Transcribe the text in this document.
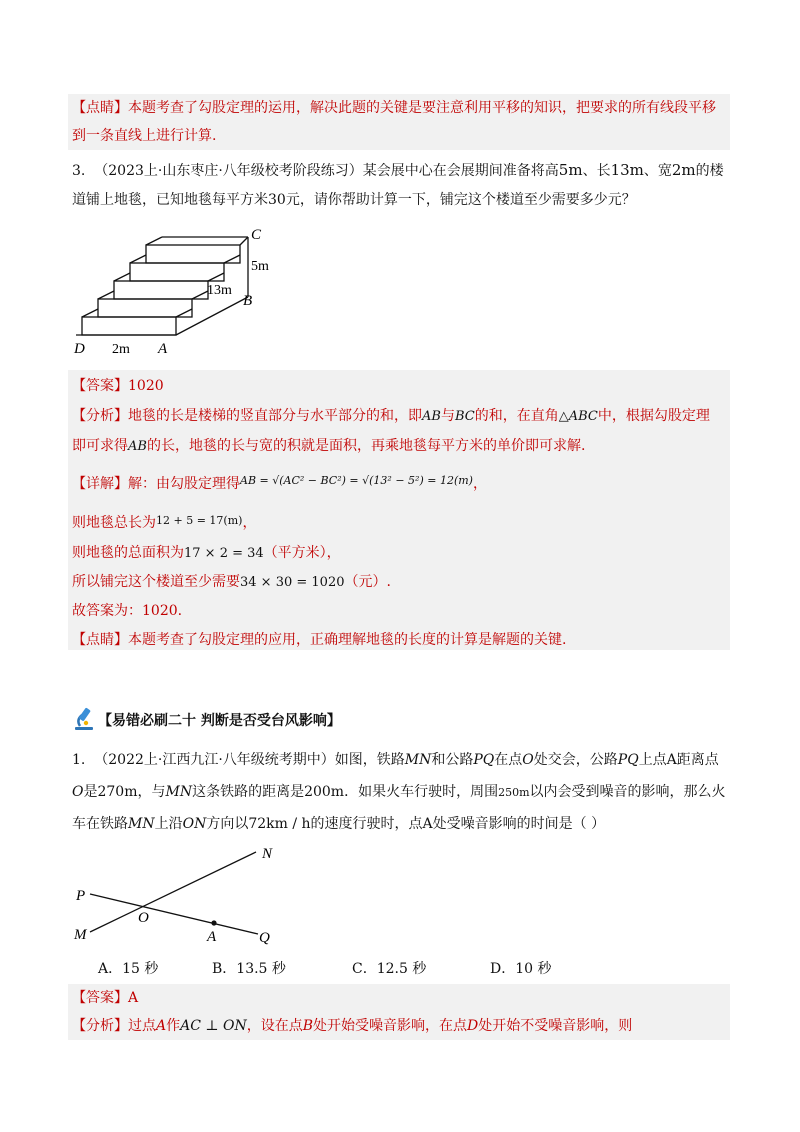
【点睛】本题考查了勾股定理的运用，解决此题的关键是要注意利用平移的知识，把要求的所有线段平移
到一条直线上进行计算.
3. （2023上·山东枣庄·八年级校考阶段练习）某会展中心在会展期间准备将高5m、长13m、宽2m的楼
道铺上地毯，已知地毯每平方米30元，请你帮助计算一下，铺完这个楼道至少需要多少元？
C
5m
13m
B
D 2m A
【答案】1020
【分析】地毯的长是楼梯的竖直部分与水平部分的和，即AB与BC的和，在直角△ABC中，根据勾股定理
即可求得AB的长，地毯的长与宽的积就是面积，再乘地毯每平方米的单价即可求解.
【详解】解：由勾股定理得$^{AB = √(AC^2 - BC^2) = √(13^2 - 5^2) = 12(m)}$，
则地毯总长为$^{12 + 5 = 17(m)}$，
则地毯的总面积为17 × 2 = 34（平方米），
所以铺完这个楼道至少需要34 × 30 = 1020（元）.
故答案为：1020.
【点睛】本题考查了勾股定理的应用，正确理解地毯的长度的计算是解题的关键.
【易错必刷二十 判断是否受台风影响】
1. （2022上·江西九江·八年级统考期中）如图，铁路MN和公路PQ在点O处交会，公路PQ上点A距离点
O是270m，与MN这条铁路的距离是200m．如果火车行驶时，周围250m以内会受到噪音的影响，那么火
车在铁路MN上沿ON方向以72km / h的速度行驶时，点A处受噪音影响的时间是（ ）
N
P
O
M	A	Q
A．15 秒	B．13.5 秒	C．12.5 秒	D．10 秒
【答案】A
【分析】过点A作AC ⊥ ON，设在点B处开始受噪音影响，在点D处开始不受噪音影响，则
